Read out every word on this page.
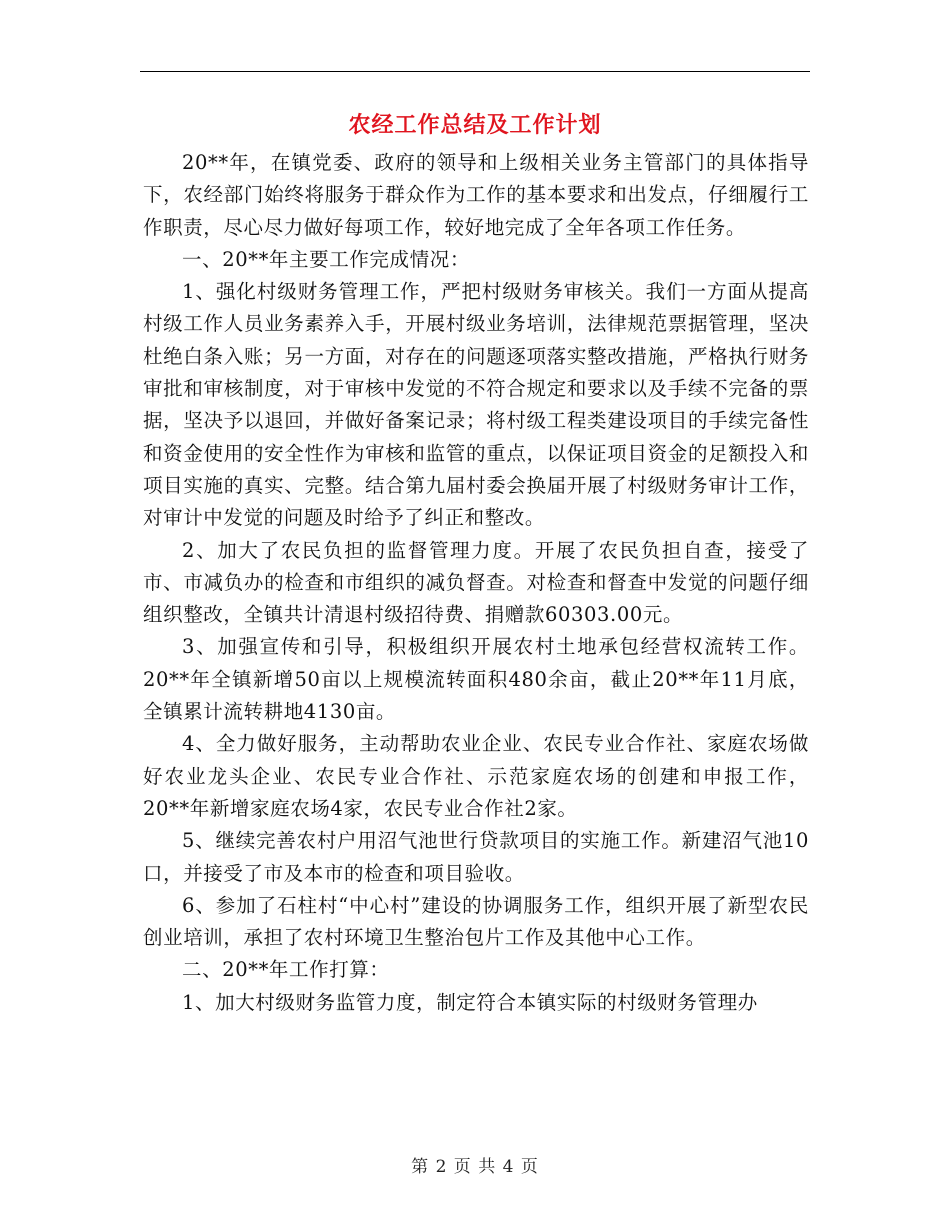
农经工作总结及工作计划

20**年，在镇党委、政府的领导和上级相关业务主管部门的具体指导下，农经部门始终将服务于群众作为工作的基本要求和出发点，仔细履行工作职责，尽心尽力做好每项工作，较好地完成了全年各项工作任务。

一、20**年主要工作完成情况：

1、强化村级财务管理工作，严把村级财务审核关。我们一方面从提高村级工作人员业务素养入手，开展村级业务培训，法律规范票据管理，坚决杜绝白条入账；另一方面，对存在的问题逐项落实整改措施，严格执行财务审批和审核制度，对于审核中发觉的不符合规定和要求以及手续不完备的票据，坚决予以退回，并做好备案记录；将村级工程类建设项目的手续完备性和资金使用的安全性作为审核和监管的重点，以保证项目资金的足额投入和项目实施的真实、完整。结合第九届村委会换届开展了村级财务审计工作，对审计中发觉的问题及时给予了纠正和整改。

2、加大了农民负担的监督管理力度。开展了农民负担自查，接受了市、市减负办的检查和市组织的减负督查。对检查和督查中发觉的问题仔细组织整改，全镇共计清退村级招待费、捐赠款60303.00元。

3、加强宣传和引导，积极组织开展农村土地承包经营权流转工作。20**年全镇新增50亩以上规模流转面积480余亩，截止20**年11月底，全镇累计流转耕地4130亩。

4、全力做好服务，主动帮助农业企业、农民专业合作社、家庭农场做好农业龙头企业、农民专业合作社、示范家庭农场的创建和申报工作，20**年新增家庭农场4家，农民专业合作社2家。

5、继续完善农村户用沼气池世行贷款项目的实施工作。新建沼气池10口，并接受了市及本市的检查和项目验收。

6、参加了石柱村“中心村”建设的协调服务工作，组织开展了新型农民创业培训，承担了农村环境卫生整治包片工作及其他中心工作。

二、20**年工作打算：

1、加大村级财务监管力度，制定符合本镇实际的村级财务管理办

第 2 页 共 4 页
